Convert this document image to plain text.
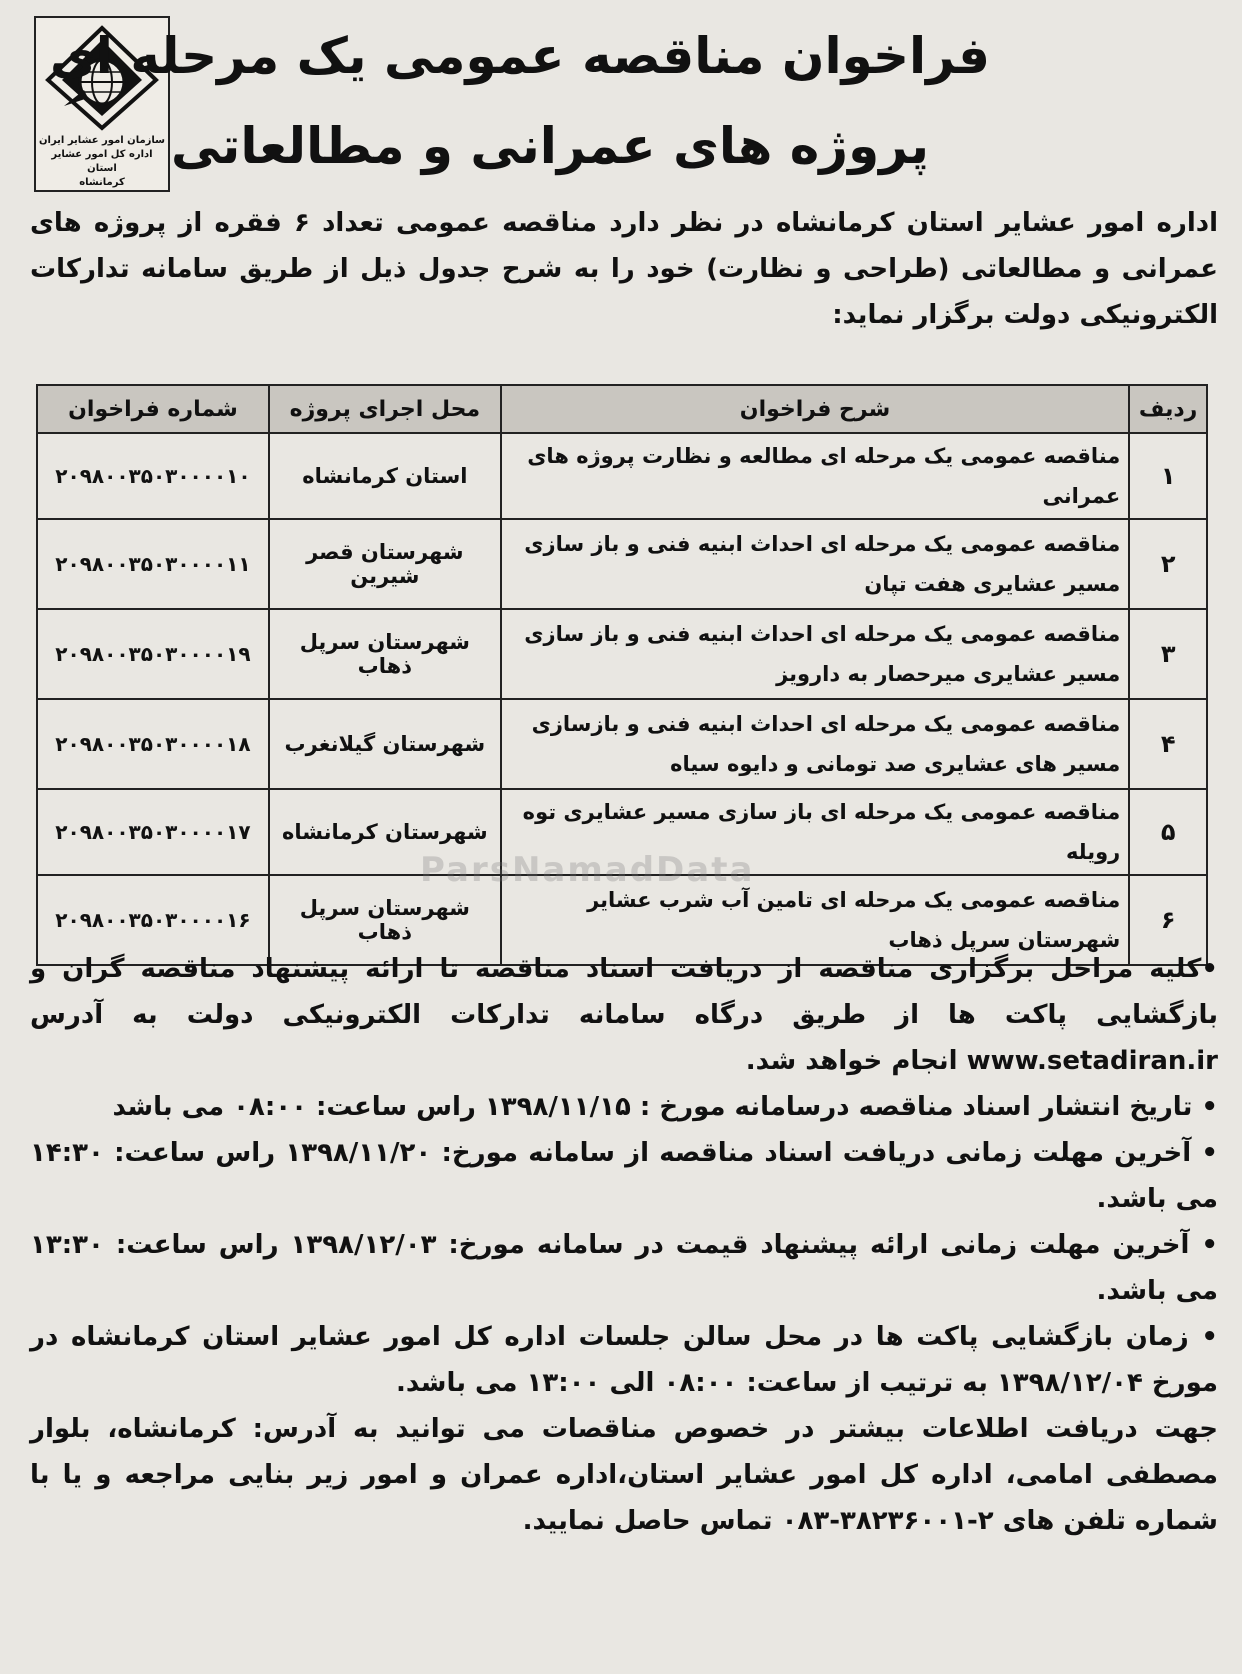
سازمان امور عشایر ایران
اداره کل امور عشایر استان
کرمانشاه
فراخوان مناقصه عمومی یک مرحله ای
پروژه های عمرانی و مطالعاتی
اداره امور عشایر استان کرمانشاه در نظر دارد مناقصه عمومی تعداد ۶ فقره از پروژه های عمرانی و مطالعاتی (طراحی و نظارت) خود را به شرح جدول ذیل از طریق سامانه تدارکات الکترونیکی دولت برگزار نماید:
ردیف	شرح فراخوان	محل اجرای پروژه	شماره فراخوان
۱	مناقصه عمومی یک مرحله ای مطالعه و نظارت پروژه های عمرانی	استان کرمانشاه	۲۰۹۸۰۰۳۵۰۳۰۰۰۰۱۰
۲	مناقصه عمومی یک مرحله ای احداث ابنیه فنی و باز سازی مسیر عشایری هفت تپان	شهرستان قصر شیرین	۲۰۹۸۰۰۳۵۰۳۰۰۰۰۱۱
۳	مناقصه عمومی یک مرحله ای احداث ابنیه فنی و باز سازی مسیر عشایری میرحصار به دارویز	شهرستان سرپل ذهاب	۲۰۹۸۰۰۳۵۰۳۰۰۰۰۱۹
۴	مناقصه عمومی یک مرحله ای احداث ابنیه فنی و بازسازی مسیر های عشایری صد تومانی و دایوه سیاه	شهرستان گیلانغرب	۲۰۹۸۰۰۳۵۰۳۰۰۰۰۱۸
۵	مناقصه عمومی یک مرحله ای باز سازی مسیر عشایری توه رویله	شهرستان کرمانشاه	۲۰۹۸۰۰۳۵۰۳۰۰۰۰۱۷
۶	مناقصه عمومی یک مرحله ای تامین آب شرب عشایر شهرستان سرپل ذهاب	شهرستان سرپل ذهاب	۲۰۹۸۰۰۳۵۰۳۰۰۰۰۱۶
ParsNamadData

•کلیه مراحل برگزاری مناقصه از دریافت اسناد مناقصه تا ارائه پیشنهاد مناقصه گران و بازگشایی پاکت ها از طریق درگاه سامانه تدارکات الکترونیکی دولت به آدرس www.setadiran.ir انجام خواهد شد.

• تاریخ انتشار اسناد مناقصه درسامانه مورخ : ۱۳۹۸/۱۱/۱۵ راس ساعت: ۰۸:۰۰ می باشد

• آخرین مهلت زمانی دریافت اسناد مناقصه از سامانه مورخ: ۱۳۹۸/۱۱/۲۰ راس ساعت: ۱۴:۳۰ می باشد.

• آخرین مهلت زمانی ارائه پیشنهاد قیمت در سامانه مورخ: ۱۳۹۸/۱۲/۰۳ راس ساعت: ۱۳:۳۰ می باشد.

• زمان بازگشایی پاکت ها در محل سالن جلسات اداره کل امور عشایر استان کرمانشاه در مورخ ۱۳۹۸/۱۲/۰۴ به ترتیب از ساعت: ۰۸:۰۰ الی ۱۳:۰۰ می باشد.

جهت دریافت اطلاعات بیشتر در خصوص مناقصات می توانید به آدرس: کرمانشاه، بلوار مصطفی امامی، اداره کل امور عشایر استان،اداره عمران و امور زیر بنایی مراجعه و یا با شماره تلفن های ۲-۳۸۲۳۶۰۰۱-۰۸۳ تماس حاصل نمایید.
